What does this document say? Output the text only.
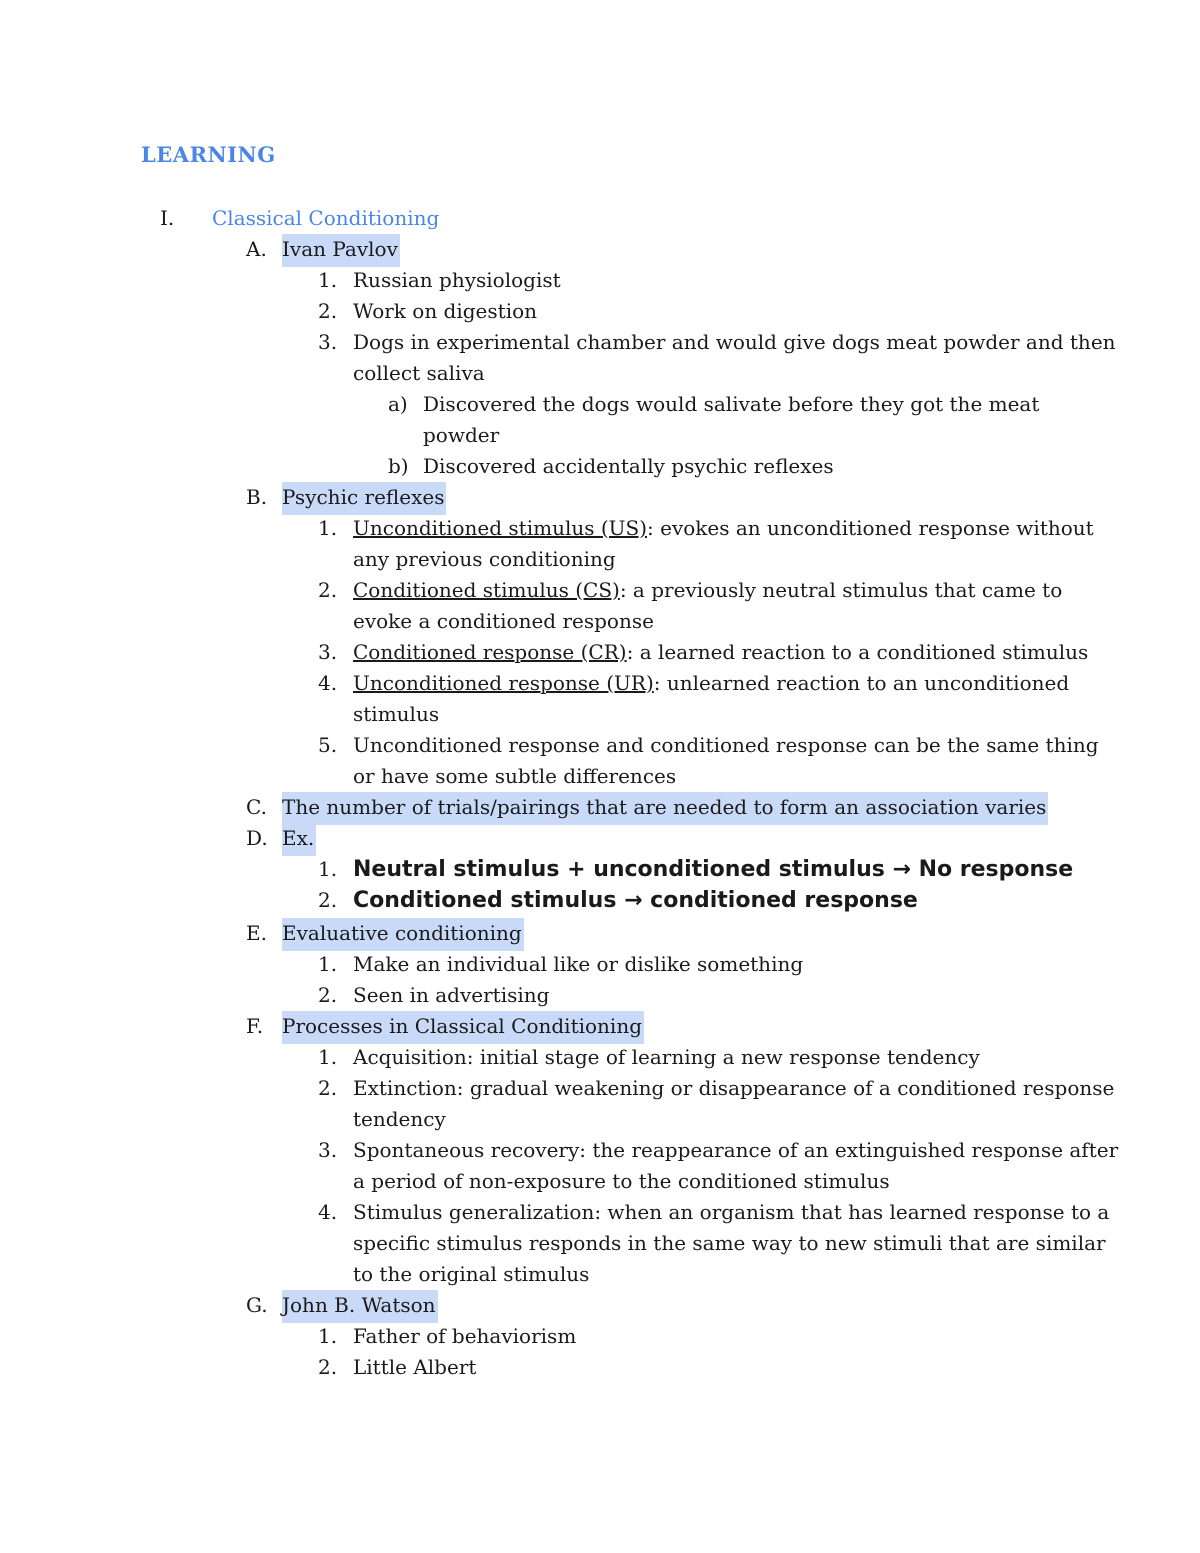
LEARNING
I. Classical Conditioning
A. Ivan Pavlov
1. Russian physiologist
2. Work on digestion
3. Dogs in experimental chamber and would give dogs meat powder and then
collect saliva
a) Discovered the dogs would salivate before they got the meat
powder
b) Discovered accidentally psychic reflexes
B. Psychic reflexes
1. Unconditioned stimulus (US): evokes an unconditioned response without
any previous conditioning
2. Conditioned stimulus (CS): a previously neutral stimulus that came to
evoke a conditioned response
3. Conditioned response (CR): a learned reaction to a conditioned stimulus
4. Unconditioned response (UR): unlearned reaction to an unconditioned
stimulus
5. Unconditioned response and conditioned response can be the same thing
or have some subtle differences
C. The number of trials/pairings that are needed to form an association varies
D. Ex.
1. Neutral stimulus + unconditioned stimulus → No response
2. Conditioned stimulus → conditioned response
E. Evaluative conditioning
1. Make an individual like or dislike something
2. Seen in advertising
F. Processes in Classical Conditioning
1. Acquisition: initial stage of learning a new response tendency
2. Extinction: gradual weakening or disappearance of a conditioned response
tendency
3. Spontaneous recovery: the reappearance of an extinguished response after
a period of non-exposure to the conditioned stimulus
4. Stimulus generalization: when an organism that has learned response to a
specific stimulus responds in the same way to new stimuli that are similar
to the original stimulus
G. John B. Watson
1. Father of behaviorism
2. Little Albert
